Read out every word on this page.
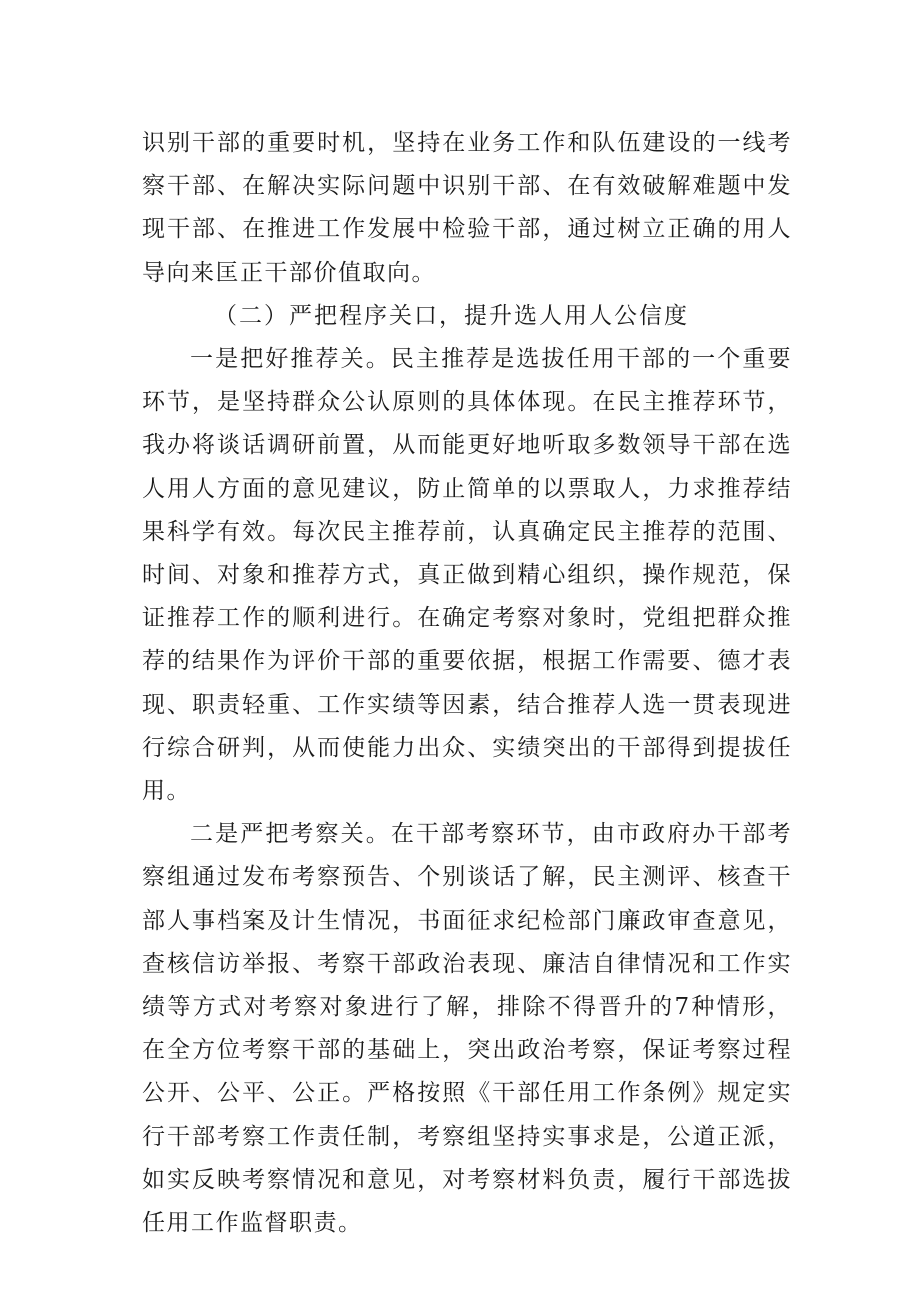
识别干部的重要时机，坚持在业务工作和队伍建设的一线考察干部、在解决实际问题中识别干部、在有效破解难题中发现干部、在推进工作发展中检验干部，通过树立正确的用人导向来匡正干部价值取向。

（二）严把程序关口，提升选人用人公信度

一是把好推荐关。民主推荐是选拔任用干部的一个重要环节，是坚持群众公认原则的具体体现。在民主推荐环节，我办将谈话调研前置，从而能更好地听取多数领导干部在选人用人方面的意见建议，防止简单的以票取人，力求推荐结果科学有效。每次民主推荐前，认真确定民主推荐的范围、时间、对象和推荐方式，真正做到精心组织，操作规范，保证推荐工作的顺利进行。在确定考察对象时，党组把群众推荐的结果作为评价干部的重要依据，根据工作需要、德才表现、职责轻重、工作实绩等因素，结合推荐人选一贯表现进行综合研判，从而使能力出众、实绩突出的干部得到提拔任用。

二是严把考察关。在干部考察环节，由市政府办干部考察组通过发布考察预告、个别谈话了解，民主测评、核查干部人事档案及计生情况，书面征求纪检部门廉政审查意见，查核信访举报、考察干部政治表现、廉洁自律情况和工作实绩等方式对考察对象进行了解，排除不得晋升的7种情形，在全方位考察干部的基础上，突出政治考察，保证考察过程公开、公平、公正。严格按照《干部任用工作条例》规定实行干部考察工作责任制，考察组坚持实事求是，公道正派，如实反映考察情况和意见，对考察材料负责，履行干部选拔任用工作监督职责。
